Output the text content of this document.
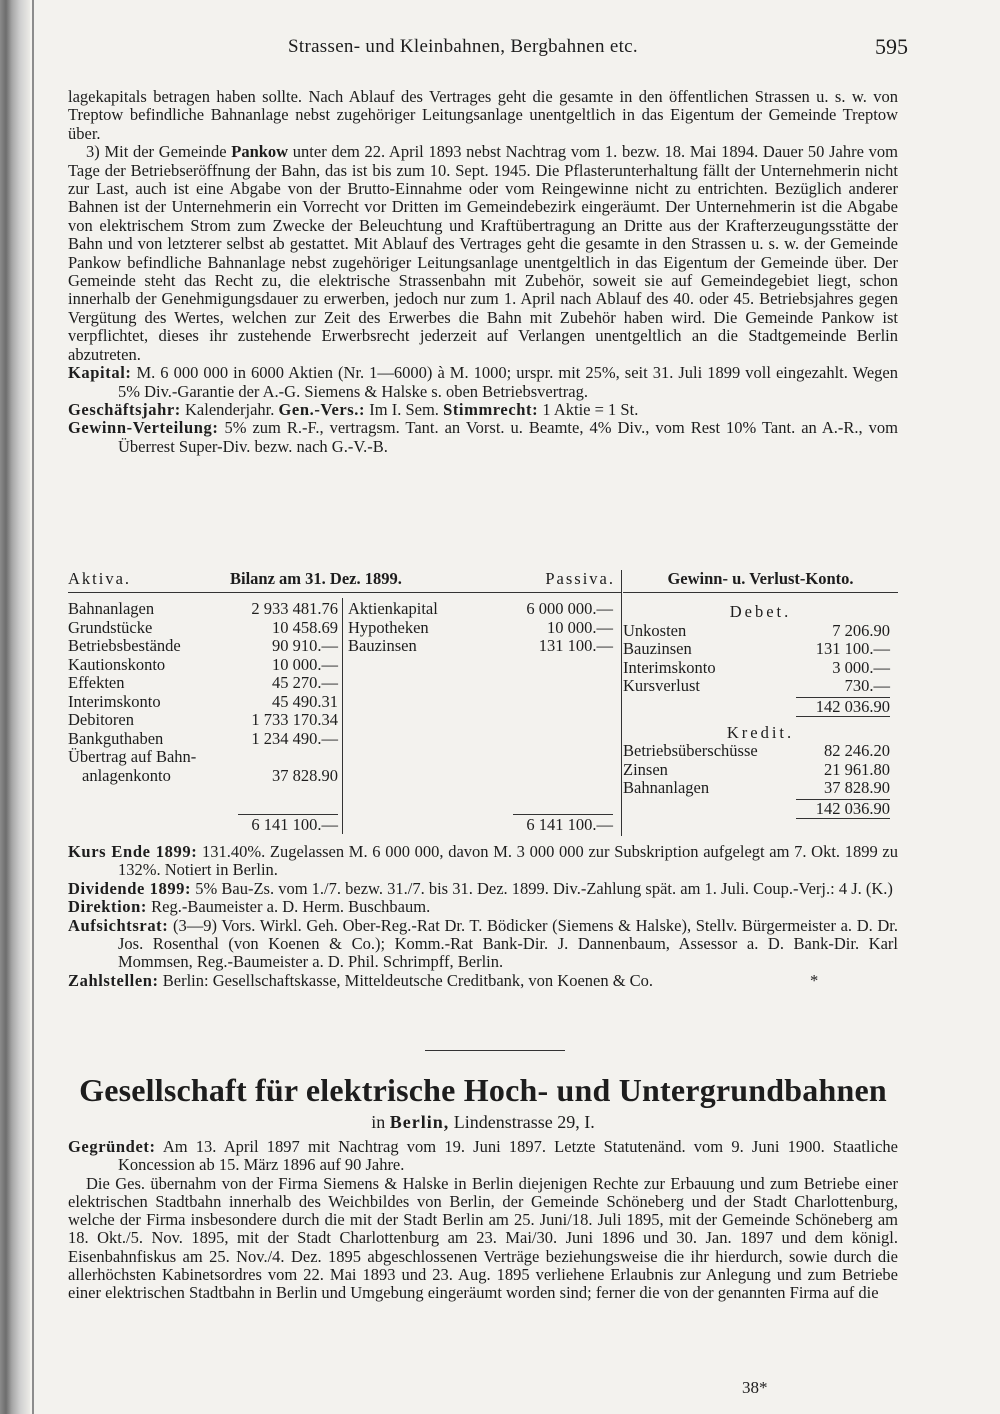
Strassen- und Kleinbahnen, Bergbahnen etc.	595

lagekapitals betragen haben sollte. Nach Ablauf des Vertrages geht die gesamte in den öffentlichen Strassen u. s. w. von Treptow befindliche Bahnanlage nebst zugehöriger Leitungsanlage unentgeltlich in das Eigentum der Gemeinde Treptow über.

3) Mit der Gemeinde Pankow unter dem 22. April 1893 nebst Nachtrag vom 1. bezw. 18. Mai 1894. Dauer 50 Jahre vom Tage der Betriebseröffnung der Bahn, das ist bis zum 10. Sept. 1945. Die Pflasterunterhaltung fällt der Unternehmerin nicht zur Last, auch ist eine Abgabe von der Brutto-Einnahme oder vom Reingewinne nicht zu entrichten. Bezüglich anderer Bahnen ist der Unternehmerin ein Vorrecht vor Dritten im Gemeindebezirk eingeräumt. Der Unternehmerin ist die Abgabe von elektrischem Strom zum Zwecke der Beleuchtung und Kraftübertragung an Dritte aus der Krafterzeugungsstätte der Bahn und von letzterer selbst ab gestattet. Mit Ablauf des Vertrages geht die gesamte in den Strassen u. s. w. der Gemeinde Pankow befindliche Bahnanlage nebst zugehöriger Leitungsanlage unentgeltlich in das Eigentum der Gemeinde über. Der Gemeinde steht das Recht zu, die elektrische Strassenbahn mit Zubehör, soweit sie auf Gemeindegebiet liegt, schon innerhalb der Genehmigungsdauer zu erwerben, jedoch nur zum 1. April nach Ablauf des 40. oder 45. Betriebsjahres gegen Vergütung des Wertes, welchen zur Zeit des Erwerbes die Bahn mit Zubehör haben wird. Die Gemeinde Pankow ist verpflichtet, dieses ihr zustehende Erwerbsrecht jederzeit auf Verlangen unentgeltlich an die Stadtgemeinde Berlin abzutreten.

Kapital: M. 6 000 000 in 6000 Aktien (Nr. 1—6000) à M. 1000; urspr. mit 25%, seit 31. Juli 1899 voll eingezahlt. Wegen 5% Div.-Garantie der A.-G. Siemens & Halske s. oben Betriebsvertrag.

Geschäftsjahr: Kalenderjahr. Gen.-Vers.: Im I. Sem. Stimmrecht: 1 Aktie = 1 St.

Gewinn-Verteilung: 5% zum R.-F., vertragsm. Tant. an Vorst. u. Beamte, 4% Div., vom Rest 10% Tant. an A.-R., vom Überrest Super-Div. bezw. nach G.-V.-B.

Aktiva.	Bilanz am 31. Dez. 1899.	Passiva.
Bahnanlagen	2 933 481.76
Grundstücke	10 458.69
Betriebsbestände	90 910.—
Kautionskonto	10 000.—
Effekten	45 270.—
Interimskonto	45 490.31
Debitoren	1 733 170.34
Bankguthaben	1 234 490.—
Übertrag auf Bahn-
anlagenkonto	37 828.90
6 141 100.—
Aktienkapital	6 000 000.—
Hypotheken	10 000.—
Bauzinsen	131 100.—
6 141 100.—
Gewinn- u. Verlust-Konto.
Debet.
Unkosten	7 206.90
Bauzinsen	131 100.—
Interimskonto	3 000.—
Kursverlust	730.—
142 036.90
Kredit.
Betriebsüberschüsse	82 246.20
Zinsen	21 961.80
Bahnanlagen	37 828.90
142 036.90

Kurs Ende 1899: 131.40%. Zugelassen M. 6 000 000, davon M. 3 000 000 zur Subskription aufgelegt am 7. Okt. 1899 zu 132%. Notiert in Berlin.

Dividende 1899: 5% Bau-Zs. vom 1./7. bezw. 31./7. bis 31. Dez. 1899. Div.-Zahlung spät. am 1. Juli. Coup.-Verj.: 4 J. (K.)

Direktion: Reg.-Baumeister a. D. Herm. Buschbaum.

Aufsichtsrat: (3—9) Vors. Wirkl. Geh. Ober-Reg.-Rat Dr. T. Bödicker (Siemens & Halske), Stellv. Bürgermeister a. D. Dr. Jos. Rosenthal (von Koenen & Co.); Komm.-Rat Bank-Dir. J. Dannenbaum, Assessor a. D. Bank-Dir. Karl Mommsen, Reg.-Baumeister a. D. Phil. Schrimpff, Berlin.

Zahlstellen: Berlin: Gesellschaftskasse, Mitteldeutsche Creditbank, von Koenen & Co.	*

Gesellschaft für elektrische Hoch- und Untergrundbahnen
in Berlin, Lindenstrasse 29, I.

Gegründet: Am 13. April 1897 mit Nachtrag vom 19. Juni 1897. Letzte Statutenänd. vom 9. Juni 1900. Staatliche Koncession ab 15. März 1896 auf 90 Jahre.

Die Ges. übernahm von der Firma Siemens & Halske in Berlin diejenigen Rechte zur Erbauung und zum Betriebe einer elektrischen Stadtbahn innerhalb des Weichbildes von Berlin, der Gemeinde Schöneberg und der Stadt Charlottenburg, welche der Firma insbesondere durch die mit der Stadt Berlin am 25. Juni/18. Juli 1895, mit der Gemeinde Schöneberg am 18. Okt./5. Nov. 1895, mit der Stadt Charlottenburg am 23. Mai/30. Juni 1896 und 30. Jan. 1897 und dem königl. Eisenbahnfiskus am 25. Nov./4. Dez. 1895 abgeschlossenen Verträge beziehungsweise die ihr hierdurch, sowie durch die allerhöchsten Kabinetsordres vom 22. Mai 1893 und 23. Aug. 1895 verliehene Erlaubnis zur Anlegung und zum Betriebe einer elektrischen Stadtbahn in Berlin und Umgebung eingeräumt worden sind; ferner die von der genannten Firma auf die

38*
